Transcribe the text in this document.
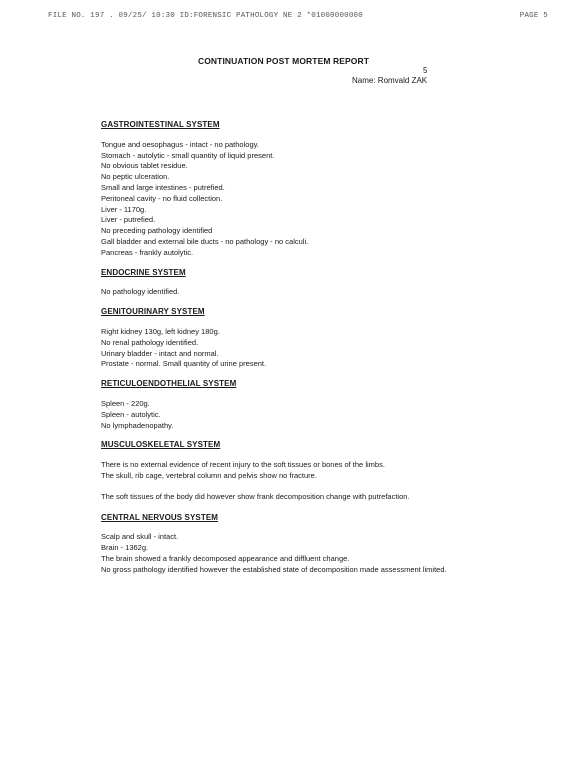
FILE NO. 197 . 09/25/ 10:30 ID:FORENSIC PATHOLOGY NE 2 *01000000000	PAGE 5
CONTINUATION POST MORTEM REPORT
5
Name: Romvald ZAK
GASTROINTESTINAL SYSTEM
Tongue and oesophagus - intact - no pathology.
Stomach - autolytic - small quantity of liquid present.
No obvious tablet residue.
No peptic ulceration.
Small and large intestines - putrefied.
Peritoneal cavity - no fluid collection.
Liver - 1170g.
Liver - putrefied.
No preceding pathology identified
Gall bladder and external bile ducts - no pathology - no calculi.
Pancreas - frankly autolytic.
ENDOCRINE SYSTEM
No pathology identified.
GENITOURINARY SYSTEM
Right kidney 130g, left kidney 180g.
No renal pathology identified.
Urinary bladder - intact and normal.
Prostate - normal. Small quantity of urine present.
RETICULOENDOTHELIAL SYSTEM
Spleen - 220g.
Spleen - autolytic.
No lymphadenopathy.
MUSCULOSKELETAL SYSTEM
There is no external evidence of recent injury to the soft tissues or bones of the limbs.
The skull, rib cage, vertebral column and pelvis show no fracture.
The soft tissues of the body did however show frank decomposition change with putrefaction.
CENTRAL NERVOUS SYSTEM
Scalp and skull - intact.
Brain - 1362g.
The brain showed a frankly decomposed appearance and diffluent change.
No gross pathology identified however the established state of decomposition made assessment limited.
